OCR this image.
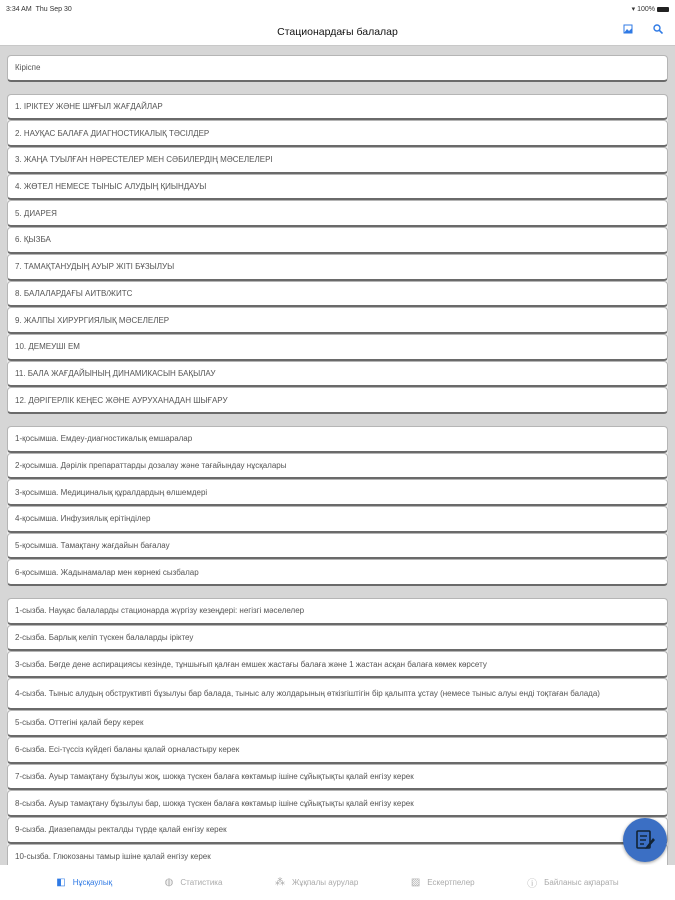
3:34 AM Thu Sep 30	▾ 100%
Стационардағы балалар
Кіріспе
1. ІРІКТЕУ ЖӘНЕ ШҰҒЫЛ ЖАҒДАЙЛАР
2. НАУҚАС БАЛАҒА ДИАГНОСТИКАЛЫҚ ТӘСІЛДЕР
3. ЖАҢА ТУЫЛҒАН НӘРЕСТЕЛЕР МЕН СӘБИЛЕРДІҢ МӘСЕЛЕЛЕРІ
4. ЖӨТЕЛ НЕМЕСЕ ТЫНЫС АЛУДЫҢ ҚИЫНДАУЫ
5. ДИАРЕЯ
6. ҚЫЗБА
7. ТАМАҚТАНУДЫҢ АУЫР ЖІТІ БҰЗЫЛУЫ
8. БАЛАЛАРДАҒЫ АИТВ/ЖИТС
9. ЖАЛПЫ ХИРУРГИЯЛЫҚ МӘСЕЛЕЛЕР
10. ДЕМЕУШІ ЕМ
11. БАЛА ЖАҒДАЙЫНЫҢ ДИНАМИКАСЫН БАҚЫЛАУ
12. ДӘРІГЕРЛІК КЕҢЕС ЖӘНЕ АУРУХАНАДАН ШЫҒАРУ
1-қосымша. Емдеу-диагностикалық емшаралар
2-қосымша. Дәрілік препараттарды дозалау және тағайындау нұсқалары
3-қосымша. Медициналық құралдардың өлшемдері
4-қосымша. Инфузиялық ерітінділер
5-қосымша. Тамақтану жағдайын бағалау
6-қосымша. Жадынамалар мен көрнекі сызбалар
1-сызба. Науқас балаларды стационарда жүргізу кезеңдері: негізгі мәселелер
2-сызба. Барлық келіп түскен балаларды іріктеу
3-сызба. Бөгде дене аспирациясы кезінде, тұншығып қалған емшек жастағы балаға және 1 жастан асқан балаға көмек көрсету
4-сызба. Тыныс алудың обструктивті бұзылуы бар балада, тыныс алу жолдарының өткізгіштігін бір қалыпта ұстау (немесе тыныс алуы енді тоқтаған балада)
5-сызба. Оттегіні қалай беру керек
6-сызба. Есі-түссіз күйдегі баланы қалай орналастыру керек
7-сызба. Ауыр тамақтану бұзылуы жоқ, шокқа түскен балаға көктамыр ішіне сұйықтықты қалай енгізу керек
8-сызба. Ауыр тамақтану бұзылуы бар, шокқа түскен балаға көктамыр ішіне сұйықтықты қалай енгізу керек
9-сызба. Диазепамды ректалды түрде қалай енгізу керек
10-сызба. Глюкозаны тамыр ішіне қалай енгізу керек
◧ Нұсқаулық	◍ Статистика	⁂ Жұқпалы аурулар	▨ Ескертпелер	ⓘ Байланыс ақпараты
